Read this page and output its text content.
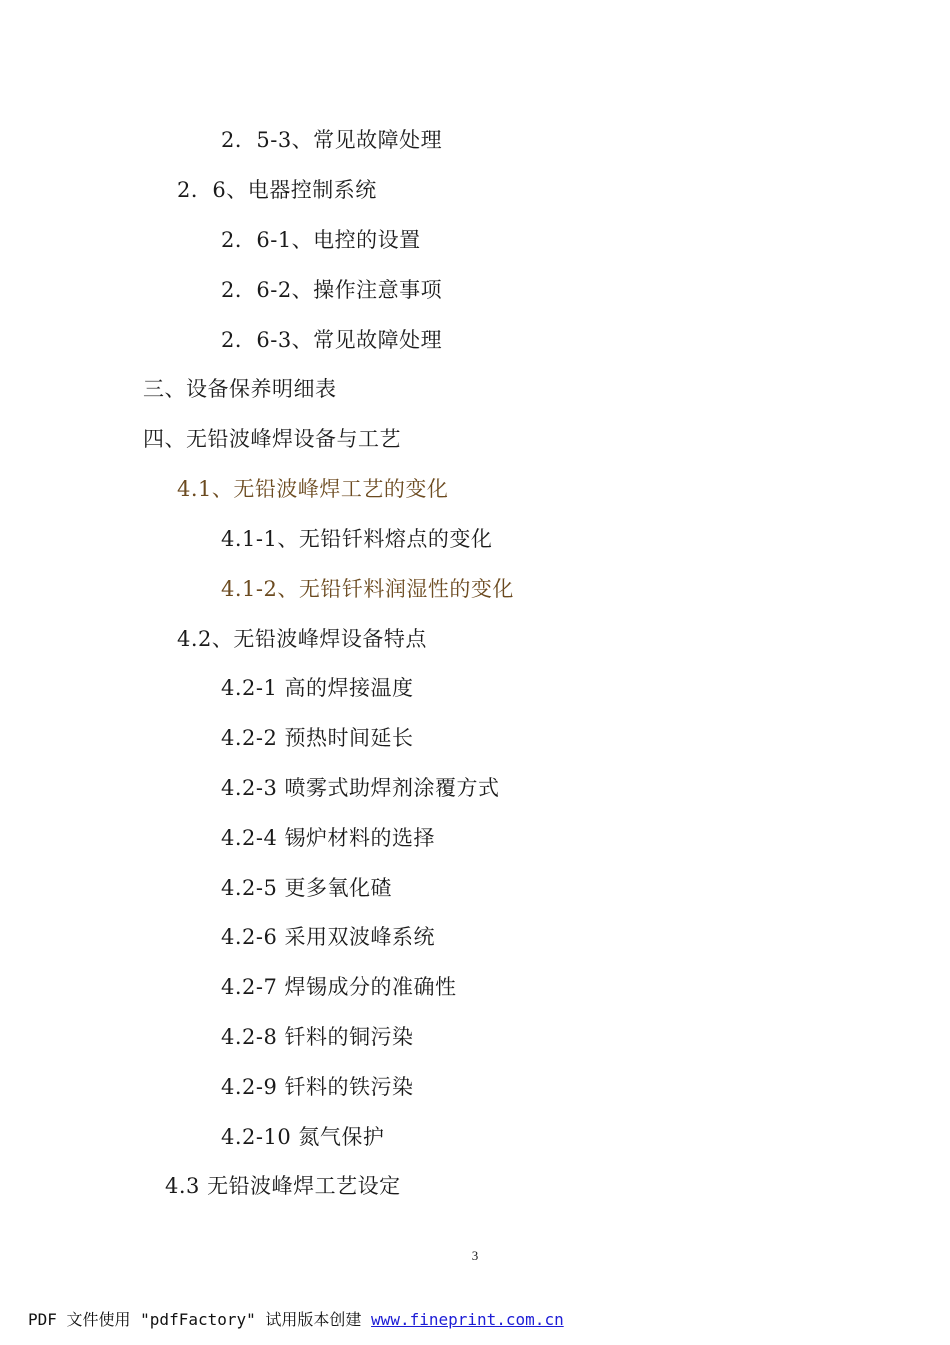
2．5-3、常见故障处理
2．6、电器控制系统
2．6-1、电控的设置
2．6-2、操作注意事项
2．6-3、常见故障处理
三、设备保养明细表
四、无铅波峰焊设备与工艺
4.1、无铅波峰焊工艺的变化
4.1-1、无铅钎料熔点的变化
4.1-2、无铅钎料润湿性的变化
4.2、无铅波峰焊设备特点
4.2-1 高的焊接温度
4.2-2 预热时间延长
4.2-3 喷雾式助焊剂涂覆方式
4.2-4 锡炉材料的选择
4.2-5 更多氧化碴
4.2-6 采用双波峰系统
4.2-7 焊锡成分的准确性
4.2-8 钎料的铜污染
4.2-9 钎料的铁污染
4.2-10 氮气保护
4.3 无铅波峰焊工艺设定
3
PDF 文件使用 "pdfFactory" 试用版本创建 www.fineprint.com.cn
